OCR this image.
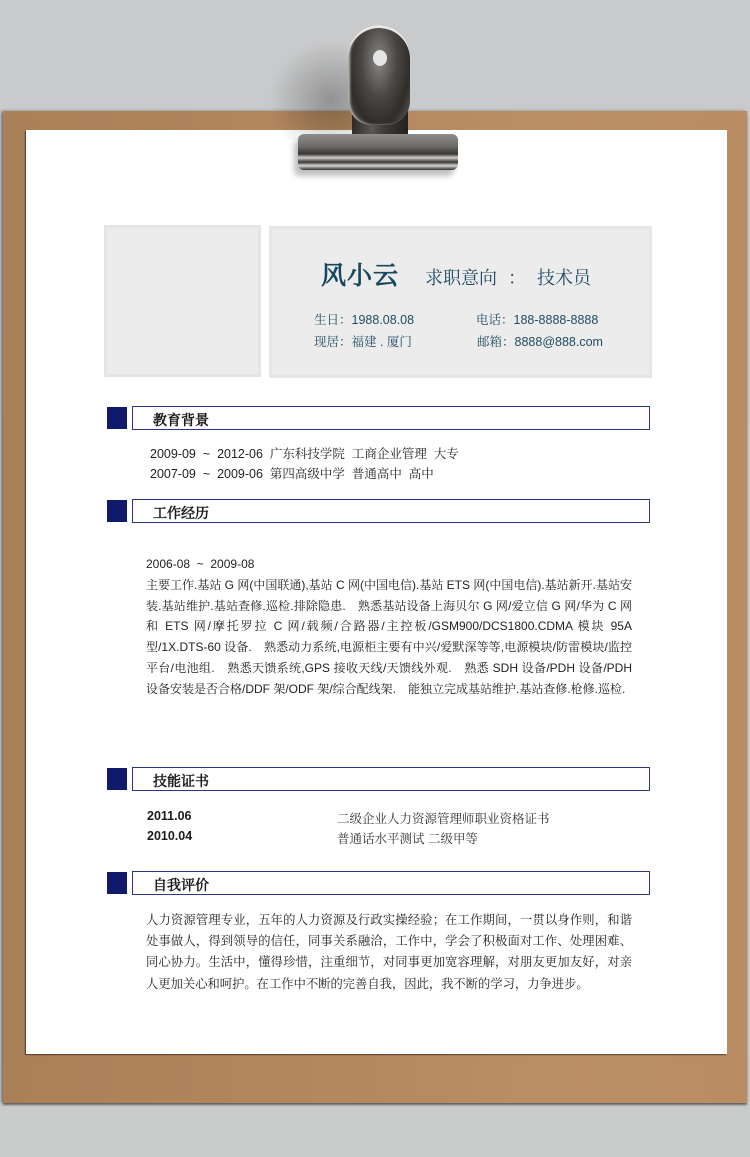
风小云 求职意向 ： 技术员
生日：1988.08.08	电话：188-8888-8888
现居：福建 . 厦门	邮箱：8888@888.com
教育背景
2009-09  ~  2012-06  广东科技学院  工商企业管理  大专
2007-09  ~  2009-06  第四高级中学  普通高中  高中
工作经历
2006-08  ~  2009-08
主要工作.基站 G 网(中国联通),基站 C 网(中国电信).基站 ETS 网(中国电信).基站新开.基站安装.基站维护.基站查修.巡检.排除隐患.　熟悉基站设备上海贝尔 G 网/爱立信 G 网/华为 C 网和 ETS 网/摩托罗拉 C 网/载频/合路器/主控板/GSM900/DCS1800.CDMA 模块 95A 型/1X.DTS-60 设备.　熟悉动力系统,电源柜主要有中兴/爱默深等等,电源模块/防雷模块/监控平台/电池组.　熟悉天馈系统,GPS 接收天线/天馈线外观.　熟悉 SDH 设备/PDH 设备/PDH 设备安装是否合格/DDF 架/ODF 架/综合配线架.　能独立完成基站维护.基站查修.枪修.巡检.
技能证书
2011.06	二级企业人力资源管理师职业资格证书
2010.04	普通话水平测试 二级甲等
自我评价
人力资源管理专业，五年的人力资源及行政实操经验；在工作期间，一贯以身作则，和谐处事做人，得到领导的信任，同事关系融洽，工作中，学会了积极面对工作、处理困难、同心协力。生活中，懂得珍惜，注重细节，对同事更加宽容理解，对朋友更加友好，对亲人更加关心和呵护。在工作中不断的完善自我，因此，我不断的学习，力争进步。
